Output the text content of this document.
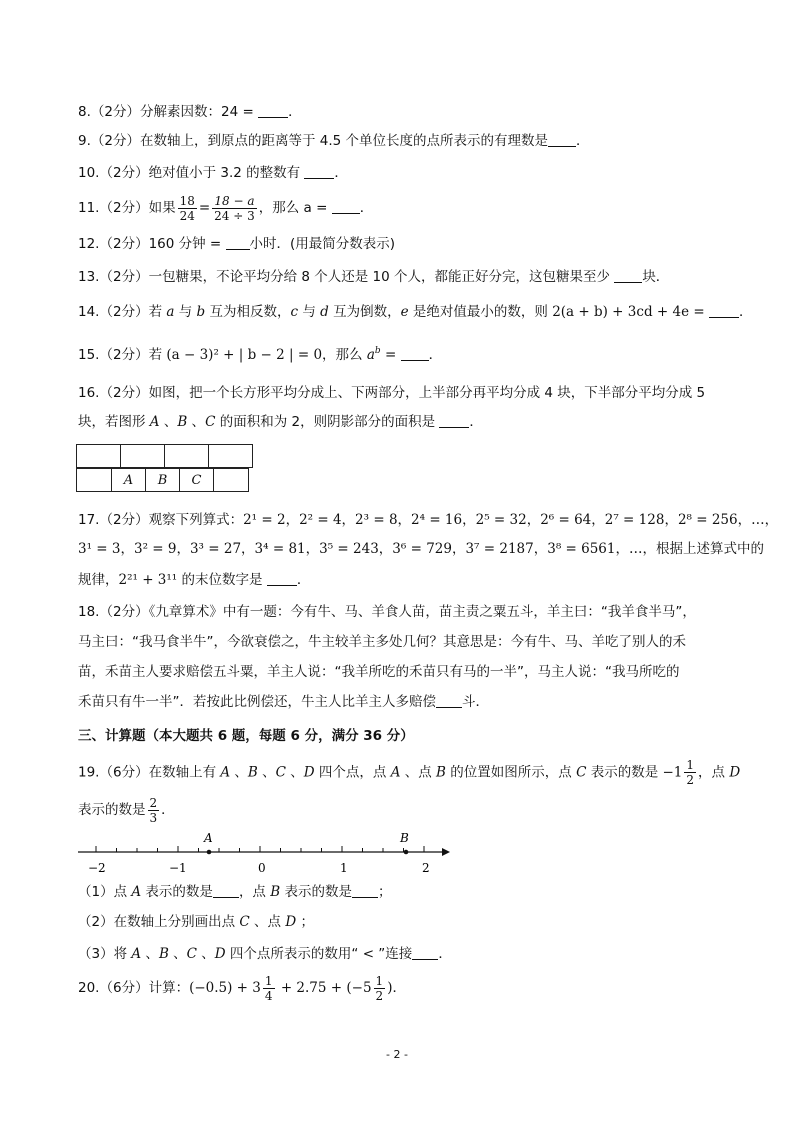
8.（2分）分解素因数：24 = ．
9.（2分）在数轴上，到原点的距离等于 4.5 个单位长度的点所表示的有理数是 ．
10.（2分）绝对值小于 3.2 的整数有 ．
11.（2分）如果 $\frac{18}{24} = \frac{18 - a}{24 \div 3}$ ，那么 a = ．
12.（2分）160 分钟 = 小时．(用最简分数表示)
13.（2分）一包糖果，不论平均分给 8 个人还是 10 个人，都能正好分完，这包糖果至少 块．
14.（2分）若 a 与 b 互为相反数，c 与 d 互为倒数，e 是绝对值最小的数，则 2(a + b) + 3cd + 4e = ．
15.（2分）若 (a − 3)² + | b − 2 | = 0，那么 $a^b$ = ．
16.（2分）如图，把一个长方形平均分成上、下两部分，上半部分再平均分成 4 块，下半部分平均分成 5
块，若图形 A 、B 、C 的面积和为 2，则阴影部分的面积是 ．

	A	B	C	
17.（2分）观察下列算式：2¹ = 2，2² = 4，2³ = 8，2⁴ = 16，2⁵ = 32，2⁶ = 64，2⁷ = 128，2⁸ = 256，…，
3¹ = 3，3² = 9，3³ = 27，3⁴ = 81，3⁵ = 243，3⁶ = 729，3⁷ = 2187，3⁸ = 6561，…，根据上述算式中的
规律，2²¹ + 3¹¹ 的末位数字是 ．
18.（2分）《九章算术》中有一题：今有牛、马、羊食人苗，苗主责之粟五斗，羊主曰：“我羊食半马”，
马主曰：“我马食半牛”，今欲衰偿之，牛主较羊主多处几何？其意思是：今有牛、马、羊吃了别人的禾
苗，禾苗主人要求赔偿五斗粟，羊主人说：“我羊所吃的禾苗只有马的一半”，马主人说：“我马所吃的
禾苗只有牛一半”．若按此比例偿还，牛主人比羊主人多赔偿 斗．
三、计算题（本大题共 6 题，每题 6 分，满分 36 分）
19.（6分）在数轴上有 A 、B 、C 、D 四个点，点 A 、点 B 的位置如图所示，点 C 表示的数是 $-1 \frac{1}{2}$ ，点 D
表示的数是 $\frac{2}{3}$ ．
A	B
−2	−1	0	1	2
（1）点 A 表示的数是 ，点 B 表示的数是 ；
（2）在数轴上分别画出点 C 、点 D ；
（3）将 A 、B 、C 、D 四个点所表示的数用“ < ”连接 ．
20.（6分）计算：$(-0.5) + 3 \frac{1}{4} + 2.75 + (-5 \frac{1}{2}$ )．
- 2 -
